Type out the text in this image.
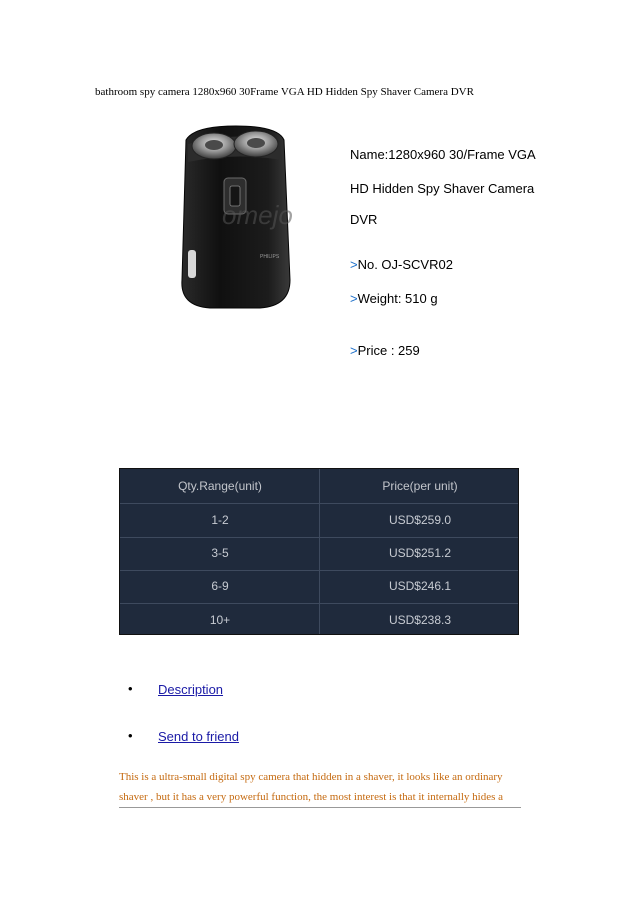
bathroom spy camera 1280x960 30Frame VGA HD Hidden Spy Shaver Camera DVR
omejo
PHILIPS
Name:1280x960 30/Frame VGA
HD Hidden Spy Shaver Camera
DVR
>No. OJ-SCVR02
>Weight: 510 g
>Price : 259
Qty.Range(unit)	Price(per unit)
1-2	USD$259.0
3-5	USD$251.2
6-9	USD$246.1
10+	USD$238.3
• Description
• Send to friend
This is a ultra-small digital spy camera that hidden in a shaver, it looks like an ordinary
shaver , but it has a very powerful function, the most interest is that it internally hides a
